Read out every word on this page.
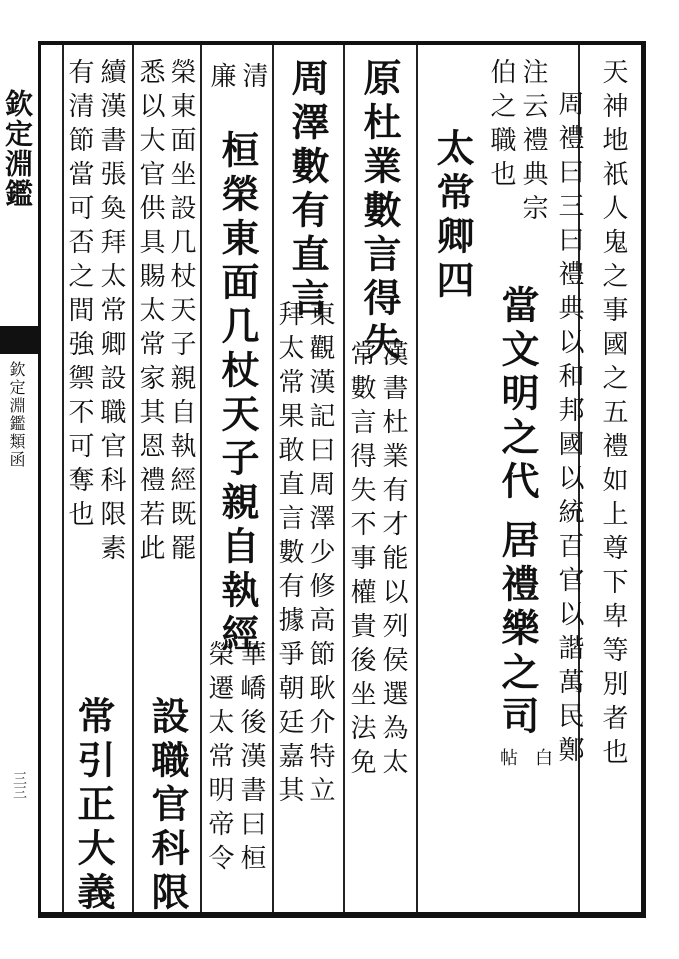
欽定淵鑑
欽定淵鑑類函
三三
天神地祇人鬼之事國之五禮如上尊下卑等別者也
周禮曰三曰禮典以和邦國以統百官以諧萬民鄭
注云禮典宗
伯之職也
當文明之代
居禮樂之司
白
帖
太常卿四
原杜業數言得失
漢書杜業有才能以列侯選為太
常數言得失不事權貴後坐法免
周澤數有直言
東觀漢記曰周澤少修高節耿介特立
拜太常果敢直言數有據爭朝廷嘉其
清
廉
桓榮東面几杖天子親自執經
華嶠後漢書曰桓
榮遷太常明帝令
榮東面坐設几杖天子親自執經既罷
悉以大官供具賜太常家其恩禮若此
設職官科限
續漢書張奐拜太常卿設職官科限素
有清節當可否之間強禦不可奪也
常引正大義
